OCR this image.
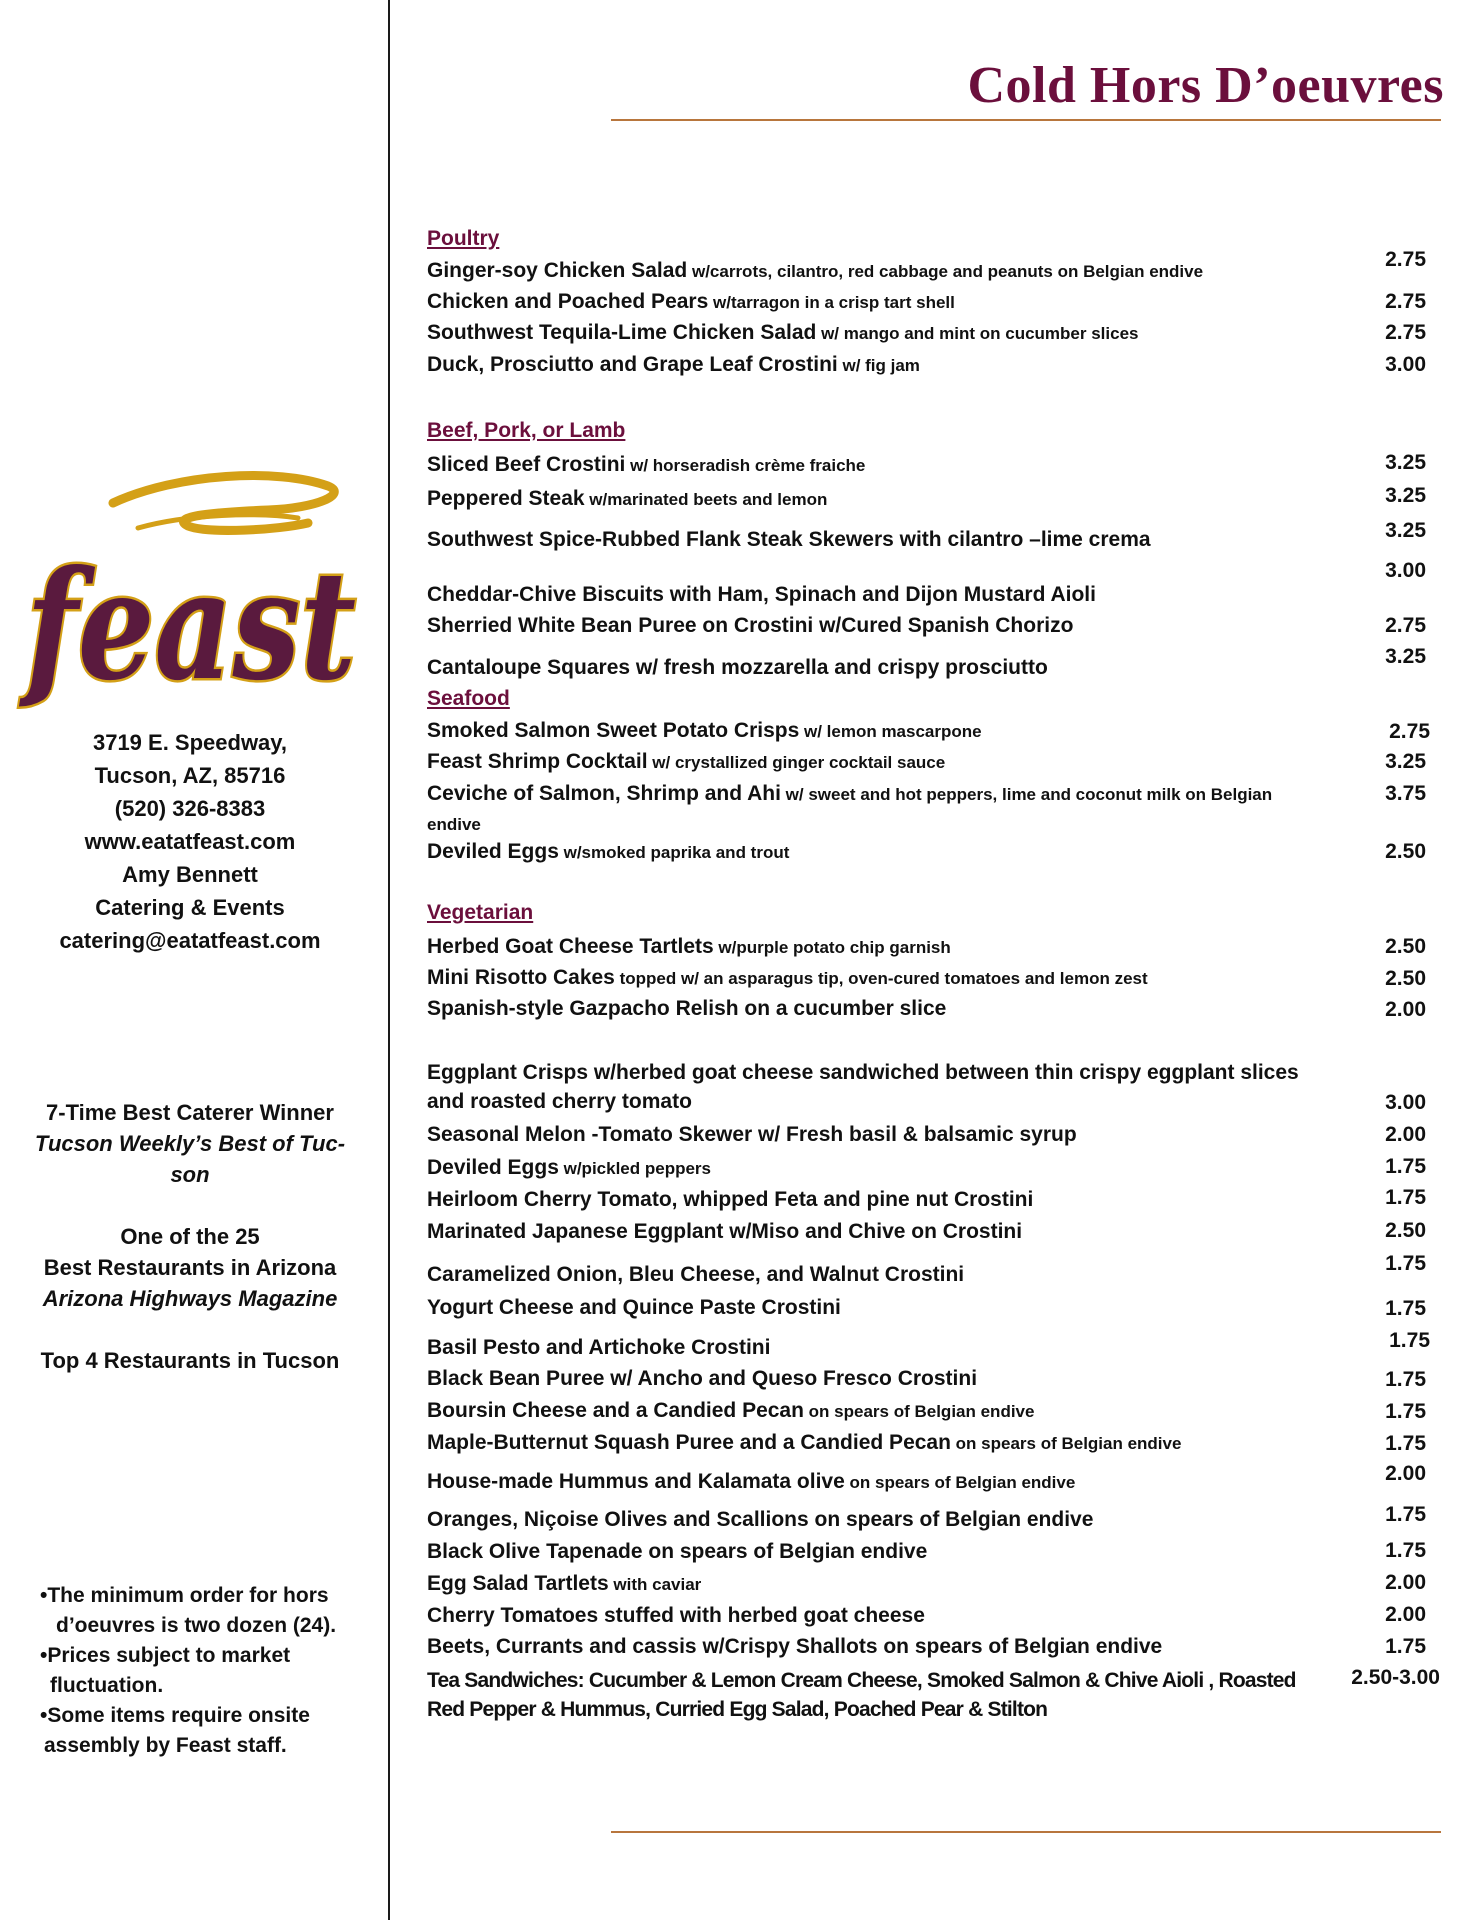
Cold Hors D’oeuvres
feast
3719 E. Speedway,
Tucson, AZ, 85716
(520) 326-8383
www.eatatfeast.com
Amy Bennett
Catering & Events
catering@eatatfeast.com
7-Time Best Caterer Winner
Tucson Weekly’s Best of Tuc-
son
One of the 25
Best Restaurants in Arizona
Arizona Highways Magazine
Top 4 Restaurants in Tucson
•The minimum order for hors
d’oeuvres is two dozen (24).
•Prices subject to market
fluctuation.
•Some items require onsite
assembly by Feast staff.
Poultry
Beef, Pork, or Lamb
Seafood
Vegetarian
Ginger-soy Chicken Salad w/carrots, cilantro, red cabbage and peanuts on Belgian endive
2.75
Chicken and Poached Pears w/tarragon in a crisp tart shell	2.75
Southwest Tequila-Lime Chicken Salad w/ mango and mint on cucumber slices	2.75
Duck, Prosciutto and Grape Leaf Crostini w/ fig jam	3.00
Sliced Beef Crostini w/ horseradish crème fraiche	3.25
Peppered Steak w/marinated beets and lemon	3.25
Southwest Spice-Rubbed Flank Steak Skewers with cilantro –lime crema	3.25
Cheddar-Chive Biscuits with Ham, Spinach and Dijon Mustard Aioli
3.00
Sherried White Bean Puree on Crostini w/Cured Spanish Chorizo	2.75
Cantaloupe Squares w/ fresh mozzarella and crispy prosciutto	3.25
Smoked Salmon Sweet Potato Crisps w/ lemon mascarpone	2.75
Feast Shrimp Cocktail w/ crystallized ginger cocktail sauce	3.25
Ceviche of Salmon, Shrimp and Ahi w/ sweet and hot peppers, lime and coconut milk on Belgian endive
3.75
Deviled Eggs w/smoked paprika and trout	2.50
Herbed Goat Cheese Tartlets w/purple potato chip garnish	2.50
Mini Risotto Cakes topped w/ an asparagus tip, oven-cured tomatoes and lemon zest	2.50
Spanish-style Gazpacho Relish on a cucumber slice	2.00
Eggplant Crisps w/herbed goat cheese sandwiched between thin crispy eggplant slices and roasted cherry tomato	3.00
Seasonal Melon -Tomato Skewer w/ Fresh basil & balsamic syrup	2.00
Deviled Eggs w/pickled peppers	1.75
Heirloom Cherry Tomato, whipped Feta and pine nut Crostini	1.75
Marinated Japanese Eggplant w/Miso and Chive on Crostini	2.50
Caramelized Onion, Bleu Cheese, and Walnut Crostini	1.75
Yogurt Cheese and Quince Paste Crostini	1.75
Basil Pesto and Artichoke Crostini	1.75
Black Bean Puree w/ Ancho and Queso Fresco Crostini	1.75
Boursin Cheese and a Candied Pecan on spears of Belgian endive	1.75
Maple-Butternut Squash Puree and a Candied Pecan on spears of Belgian endive	1.75
House-made Hummus and Kalamata olive on spears of Belgian endive	2.00
Oranges, Niçoise Olives and Scallions on spears of Belgian endive	1.75
Black Olive Tapenade on spears of Belgian endive	1.75
Egg Salad Tartlets with caviar	2.00
Cherry Tomatoes stuffed with herbed goat cheese	2.00
Beets, Currants and cassis w/Crispy Shallots on spears of Belgian endive	1.75
Tea Sandwiches: Cucumber & Lemon Cream Cheese, Smoked Salmon & Chive Aioli , Roasted Red Pepper & Hummus, Curried Egg Salad, Poached Pear & Stilton
2.50-3.00
